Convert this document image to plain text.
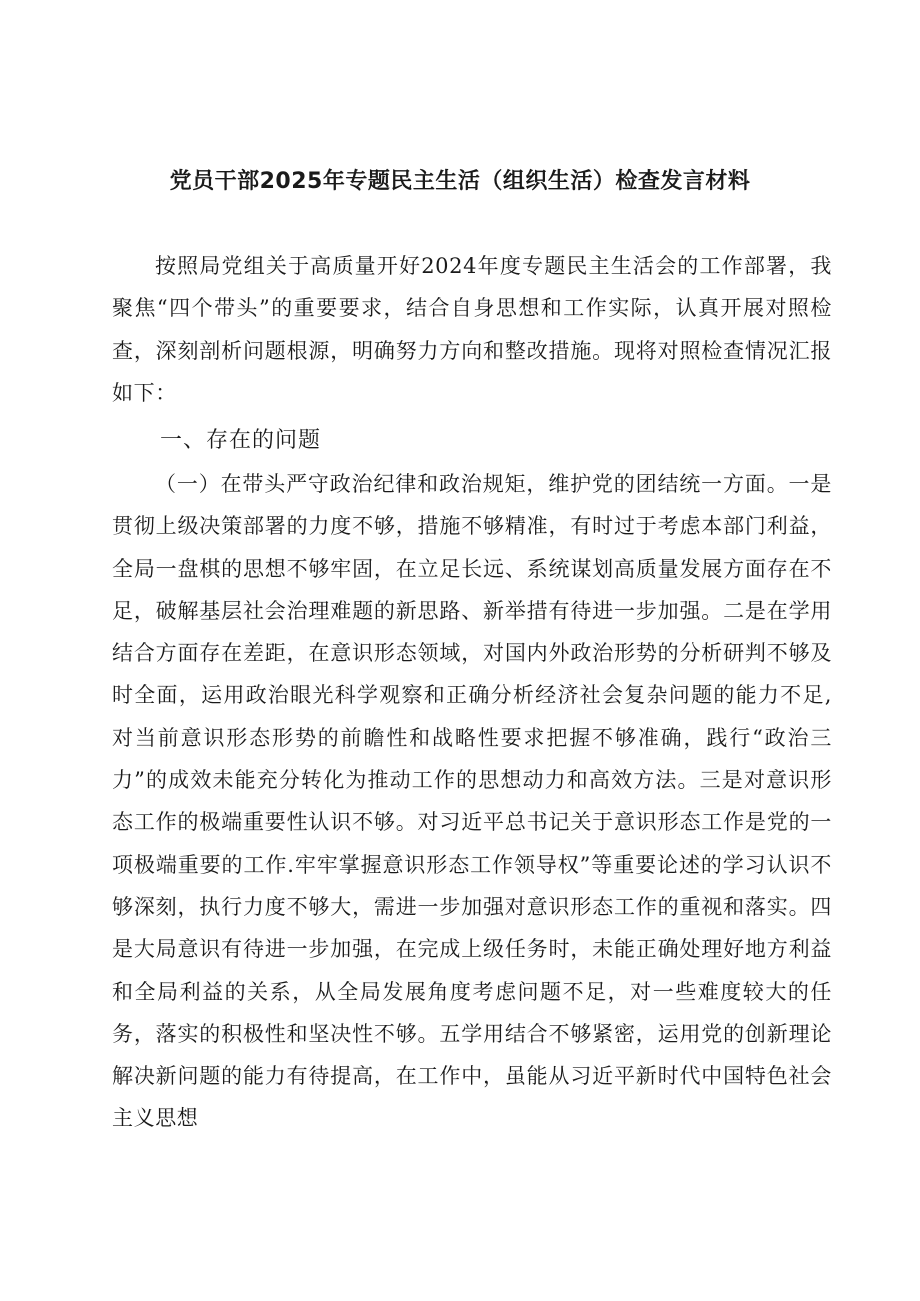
党员干部2025年专题民主生活（组织生活）检查发言材料

按照局党组关于高质量开好2024年度专题民主生活会的工作部署，我聚焦“四个带头”的重要要求，结合自身思想和工作实际，认真开展对照检查，深刻剖析问题根源，明确努力方向和整改措施。现将对照检查情况汇报如下：

一、存在的问题

（一）在带头严守政治纪律和政治规矩，维护党的团结统一方面。一是贯彻上级决策部署的力度不够，措施不够精准，有时过于考虑本部门利益，全局一盘棋的思想不够牢固，在立足长远、系统谋划高质量发展方面存在不足，破解基层社会治理难题的新思路、新举措有待进一步加强。二是在学用结合方面存在差距，在意识形态领域，对国内外政治形势的分析研判不够及时全面，运用政治眼光科学观察和正确分析经济社会复杂问题的能力不足,对当前意识形态形势的前瞻性和战略性要求把握不够准确，践行“政治三力”的成效未能充分转化为推动工作的思想动力和高效方法。三是对意识形态工作的极端重要性认识不够。对习近平总书记关于意识形态工作是党的一项极端重要的工作.牢牢掌握意识形态工作领导权”等重要论述的学习认识不够深刻，执行力度不够大，需进一步加强对意识形态工作的重视和落实。四是大局意识有待进一步加强，在完成上级任务时，未能正确处理好地方利益和全局利益的关系，从全局发展角度考虑问题不足，对一些难度较大的任务，落实的积极性和坚决性不够。五学用结合不够紧密，运用党的创新理论解决新问题的能力有待提高，在工作中，虽能从习近平新时代中国特色社会主义思想
